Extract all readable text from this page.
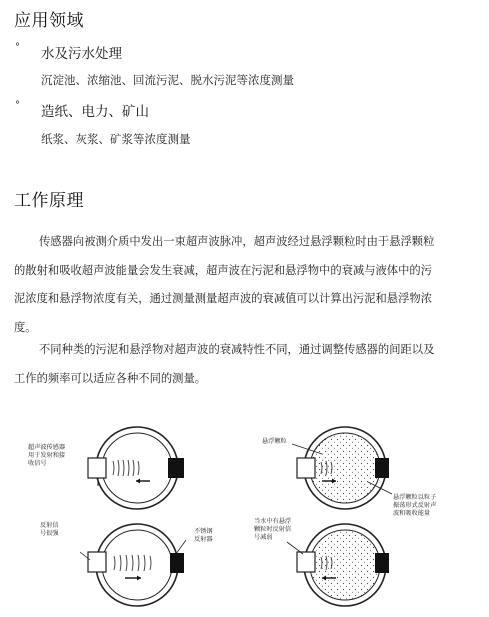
应用领域
° 水及污水处理
沉淀池、浓缩池、回流污泥、脱水污泥等浓度测量
° 造纸、电力、矿山
纸浆、灰浆、矿浆等浓度测量
工作原理

传感器向被测介质中发出一束超声波脉冲，超声波经过悬浮颗粒时由于悬浮颗粒

的散射和吸收超声波能量会发生衰减，超声波在污泥和悬浮物中的衰减与液体中的污

泥浓度和悬浮物浓度有关，通过测量测量超声波的衰减值可以计算出污泥和悬浮物浓

度。

不同种类的污泥和悬浮物对超声波的衰减特性不同，通过调整传感器的间距以及

工作的频率可以适应各种不同的测量。

超声波传感器
用于发射和接
收信号
反射信
号很强	不锈钢
反射器
悬浮颗粒
悬浮颗粒以粒子
振荡形式反射声
波和吸收能量
当水中有悬浮
颗粒时反射信
号减弱
